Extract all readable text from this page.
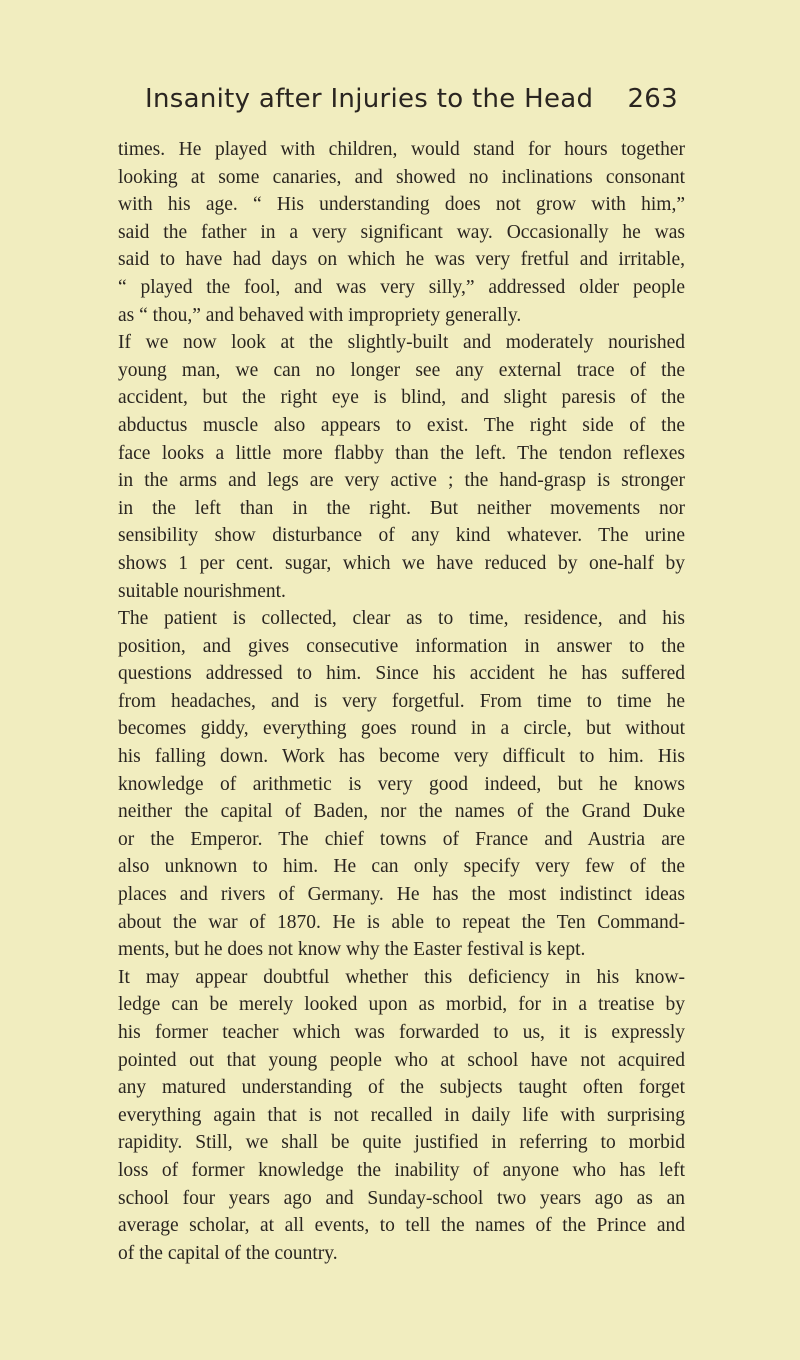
Insanity after Injuries to the Head 263
times. He played with children, would stand for hours together
looking at some canaries, and showed no inclinations consonant
with his age. “ His understanding does not grow with him,”
said the father in a very significant way. Occasionally he was
said to have had days on which he was very fretful and irritable,
“ played the fool, and was very silly,” addressed older people
as “ thou,” and behaved with impropriety generally.
If we now look at the slightly-built and moderately nourished
young man, we can no longer see any external trace of the
accident, but the right eye is blind, and slight paresis of the
abductus muscle also appears to exist. The right side of the
face looks a little more flabby than the left. The tendon reflexes
in the arms and legs are very active ; the hand-grasp is stronger
in the left than in the right. But neither movements nor
sensibility show disturbance of any kind whatever. The urine
shows 1 per cent. sugar, which we have reduced by one-half by
suitable nourishment.
The patient is collected, clear as to time, residence, and his
position, and gives consecutive information in answer to the
questions addressed to him. Since his accident he has suffered
from headaches, and is very forgetful. From time to time he
becomes giddy, everything goes round in a circle, but without
his falling down. Work has become very difficult to him. His
knowledge of arithmetic is very good indeed, but he knows
neither the capital of Baden, nor the names of the Grand Duke
or the Emperor. The chief towns of France and Austria are
also unknown to him. He can only specify very few of the
places and rivers of Germany. He has the most indistinct ideas
about the war of 1870. He is able to repeat the Ten Command-
ments, but he does not know why the Easter festival is kept.
It may appear doubtful whether this deficiency in his know-
ledge can be merely looked upon as morbid, for in a treatise by
his former teacher which was forwarded to us, it is expressly
pointed out that young people who at school have not acquired
any matured understanding of the subjects taught often forget
everything again that is not recalled in daily life with surprising
rapidity. Still, we shall be quite justified in referring to morbid
loss of former knowledge the inability of anyone who has left
school four years ago and Sunday-school two years ago as an
average scholar, at all events, to tell the names of the Prince and
of the capital of the country.
